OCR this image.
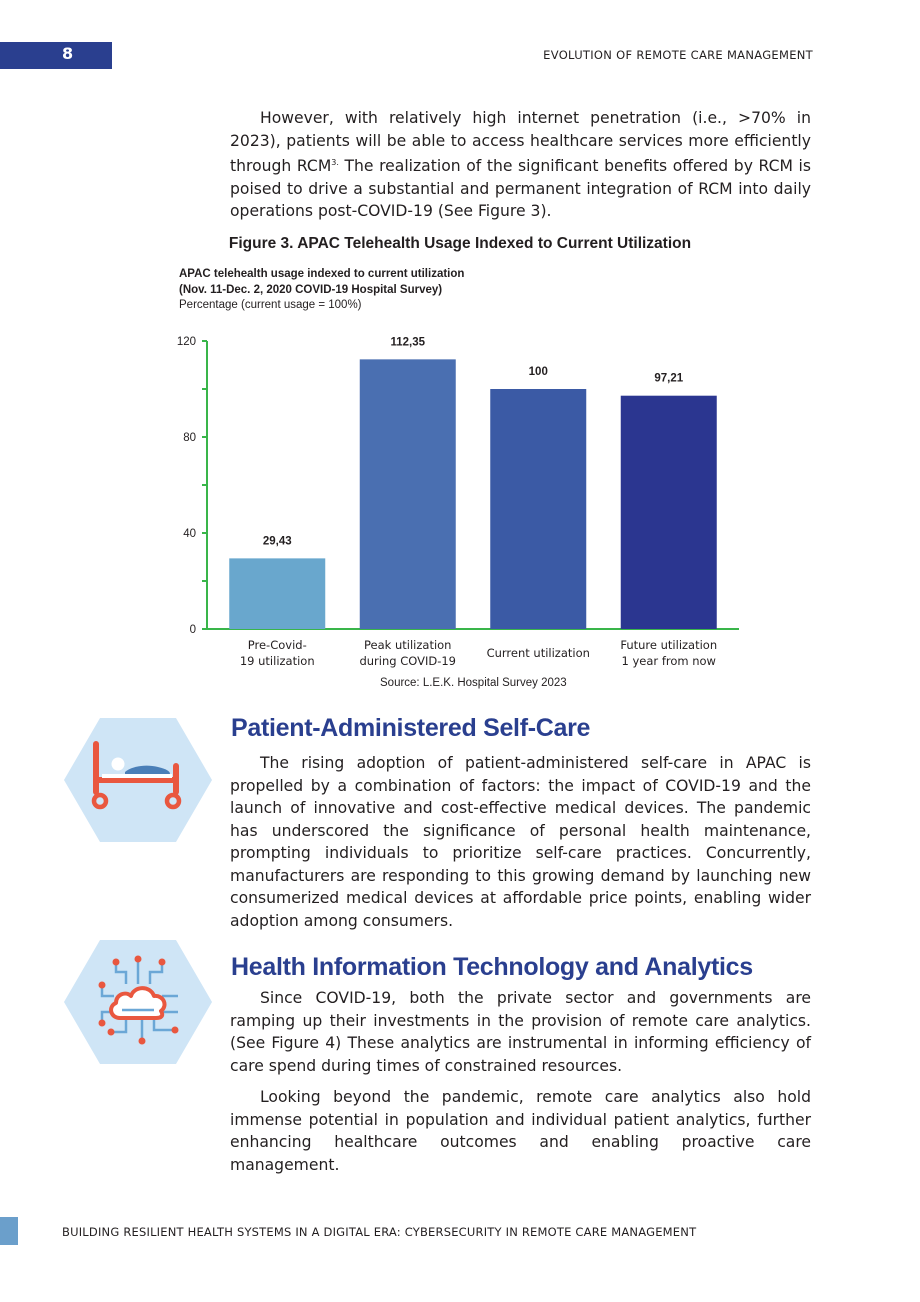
8	EVOLUTION OF REMOTE CARE MANAGEMENT

However, with relatively high internet penetration (i.e., >70% in 2023), patients will be able to access healthcare services more efficiently through $RCM^{3.}$ The realization of the significant benefits offered by RCM is poised to drive a substantial and permanent integration of RCM into daily operations post-COVID-19 (See Figure 3).

Figure 3. APAC Telehealth Usage Indexed to Current Utilization
APAC telehealth usage indexed to current utilization
(Nov. 11-Dec. 2, 2020 COVID-19 Hospital Survey)
Percentage (current usage = 100%)
0
40
80
120
29,43
Pre-Covid-
19 utilization
112,35
Peak utilization
during COVID-19
100
Current utilization
97,21
Future utilization
1 year from now
Source: L.E.K. Hospital Survey 2023
Patient-Administered Self-Care

The rising adoption of patient-administered self-care in APAC is propelled by a combination of factors: the impact of COVID-19 and the launch of innovative and cost-effective medical devices. The pandemic has underscored the significance of personal health maintenance, prompting individuals to prioritize self-care practices. Concurrently, manufacturers are responding to this growing demand by launching new consumerized medical devices at affordable price points, enabling wider adoption among consumers.

Health Information Technology and Analytics

Since COVID-19, both the private sector and governments are ramping up their investments in the provision of remote care analytics. (See Figure 4) These analytics are instrumental in informing efficiency of care spend during times of constrained resources.

Looking beyond the pandemic, remote care analytics also hold immense potential in population and individual patient analytics, further enhancing healthcare outcomes and enabling proactive care management.

BUILDING RESILIENT HEALTH SYSTEMS IN A DIGITAL ERA: CYBERSECURITY IN REMOTE CARE MANAGEMENT
